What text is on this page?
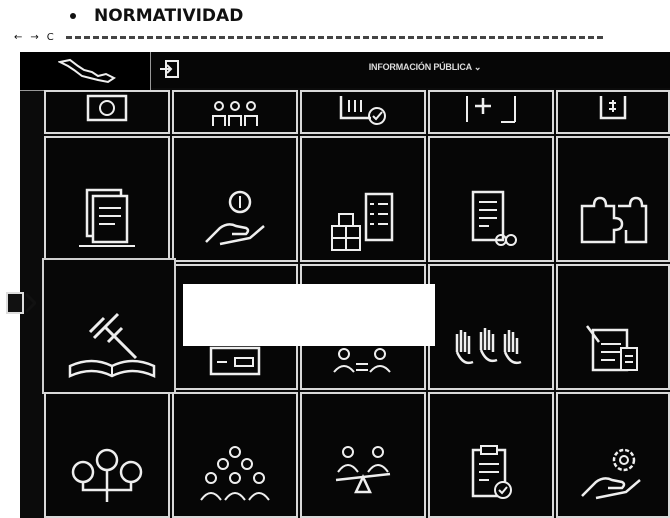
NORMATIVIDAD
← → C
INFORMACIÓN PÚBLICA ⌄
